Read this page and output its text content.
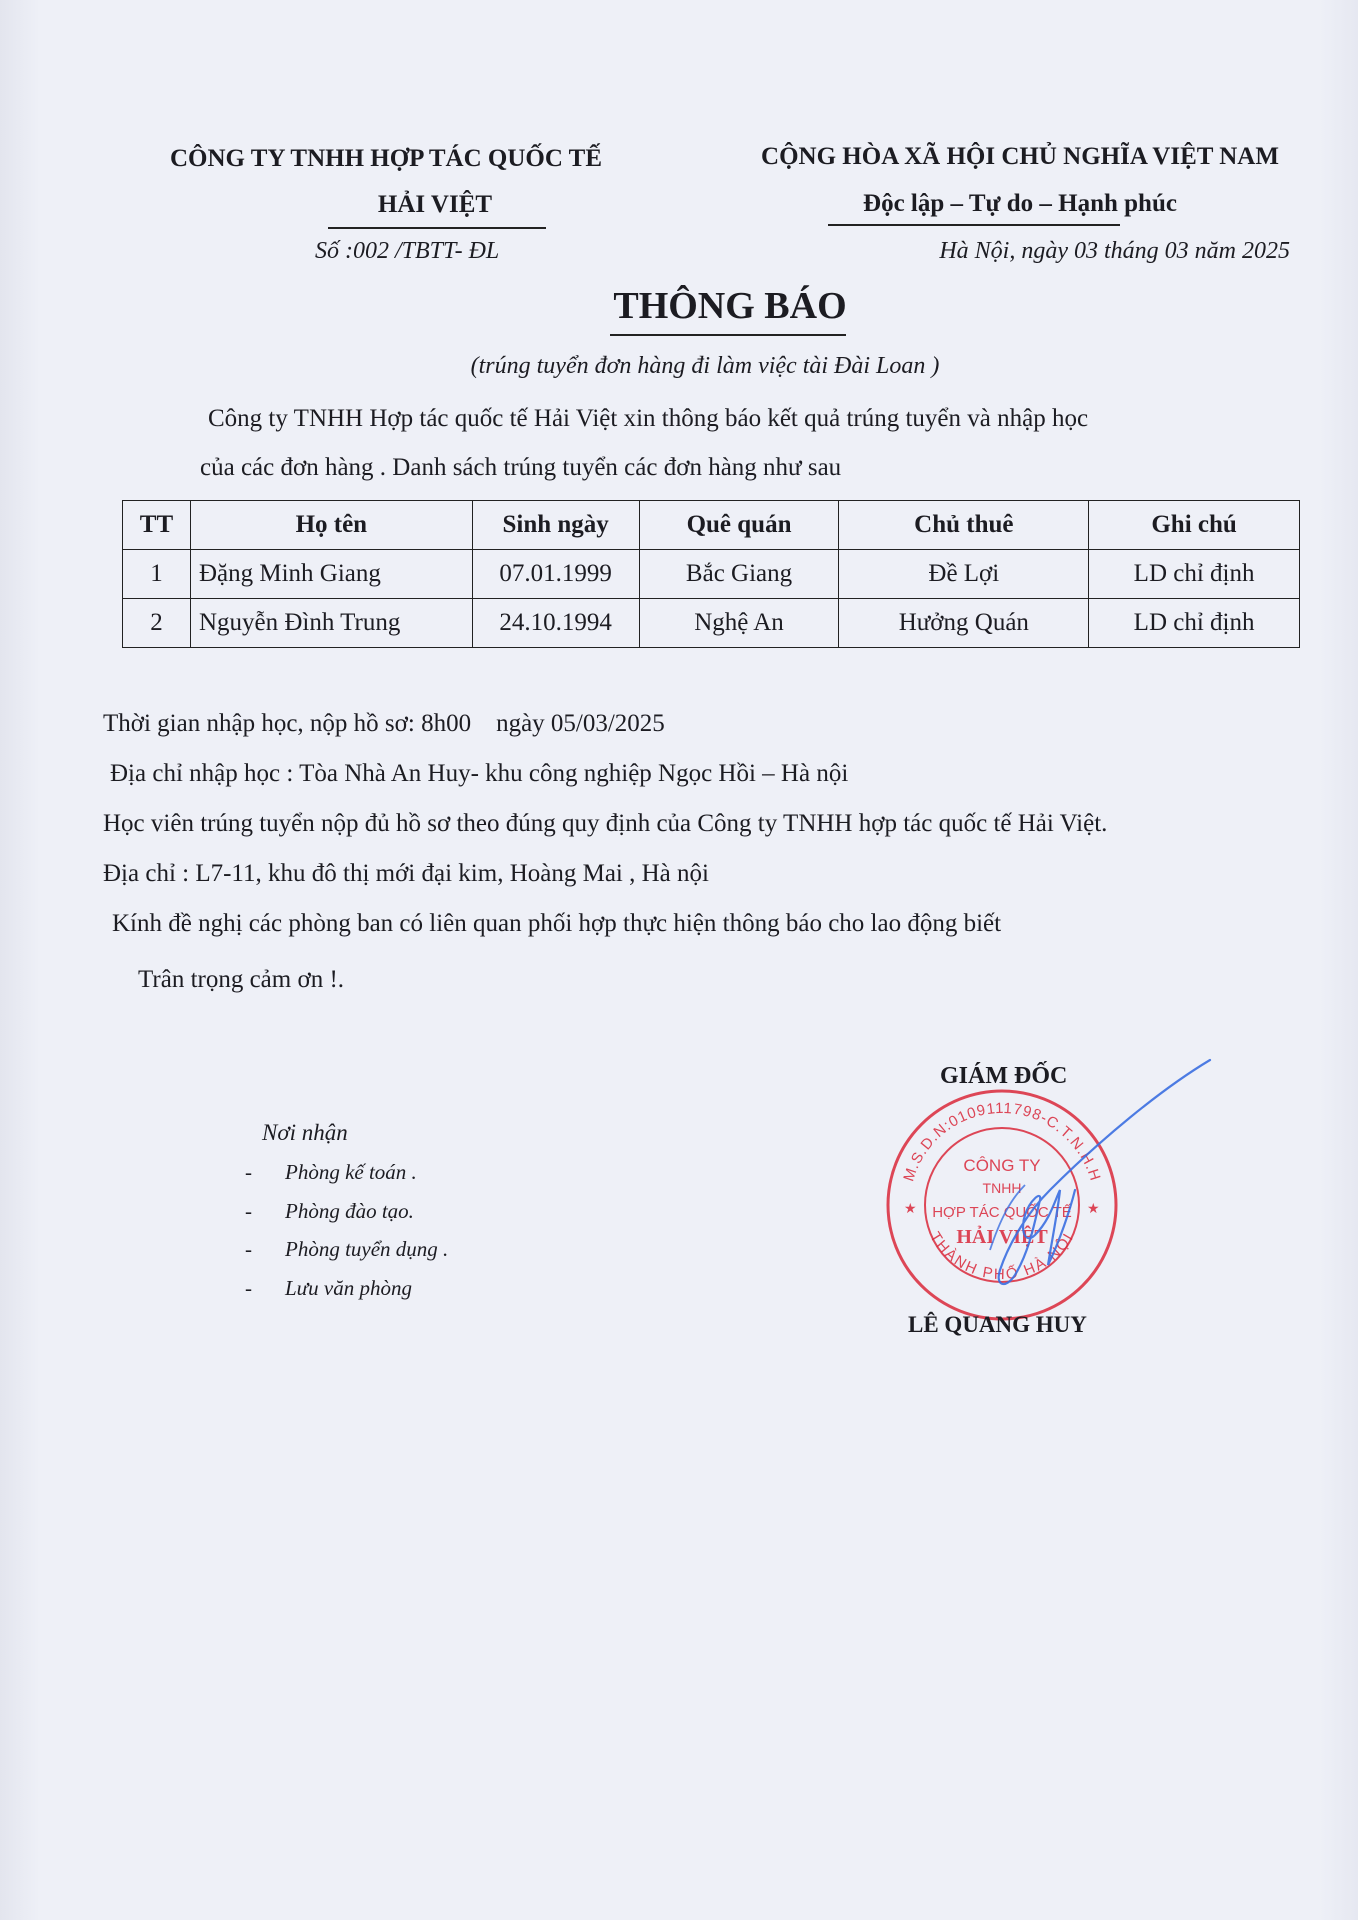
CÔNG TY TNHH HỢP TÁC QUỐC TẾ
HẢI VIỆT
Số :002 /TBTT- ĐL
CỘNG HÒA XÃ HỘI CHỦ NGHĨA VIỆT NAM
Độc lập – Tự do – Hạnh phúc
Hà Nội, ngày 03 tháng 03 năm 2025
THÔNG BÁO
(trúng tuyển đơn hàng đi làm việc tài Đài Loan )
Công ty TNHH Hợp tác quốc tế Hải Việt xin thông báo kết quả trúng tuyển và nhập học
của các đơn hàng . Danh sách trúng tuyển các đơn hàng như sau
TT	Họ tên	Sinh ngày	Quê quán	Chủ thuê	Ghi chú
1	Đặng Minh Giang	07.01.1999	Bắc Giang	Đề Lợi	LD chỉ định
2	Nguyễn Đình Trung	24.10.1994	Nghệ An	Hưởng Quán	LD chỉ định
Thời gian nhập học, nộp hồ sơ: 8h00    ngày 05/03/2025
Địa chỉ nhập học : Tòa Nhà An Huy- khu công nghiệp Ngọc Hồi – Hà nội
Học viên trúng tuyển nộp đủ hồ sơ theo đúng quy định của Công ty TNHH hợp tác quốc tế Hải Việt.
Địa chỉ : L7-11, khu đô thị mới đại kim, Hoàng Mai , Hà nội
Kính đề nghị các phòng ban có liên quan phối hợp thực hiện thông báo cho lao động biết
Trân trọng cảm ơn !.
Nơi nhận
- Phòng kế toán .
- Phòng đào tạo.
- Phòng tuyển dụng .
- Lưu văn phòng
GIÁM ĐỐC
M.S.D.N:0109111798-C.T.N.H.H
THÀNH PHỐ HÀ NỘI
CÔNG TY
TNHH
HỢP TÁC QUỐC TẾ
HẢI VIỆT
★	★
LÊ QUANG HUY
